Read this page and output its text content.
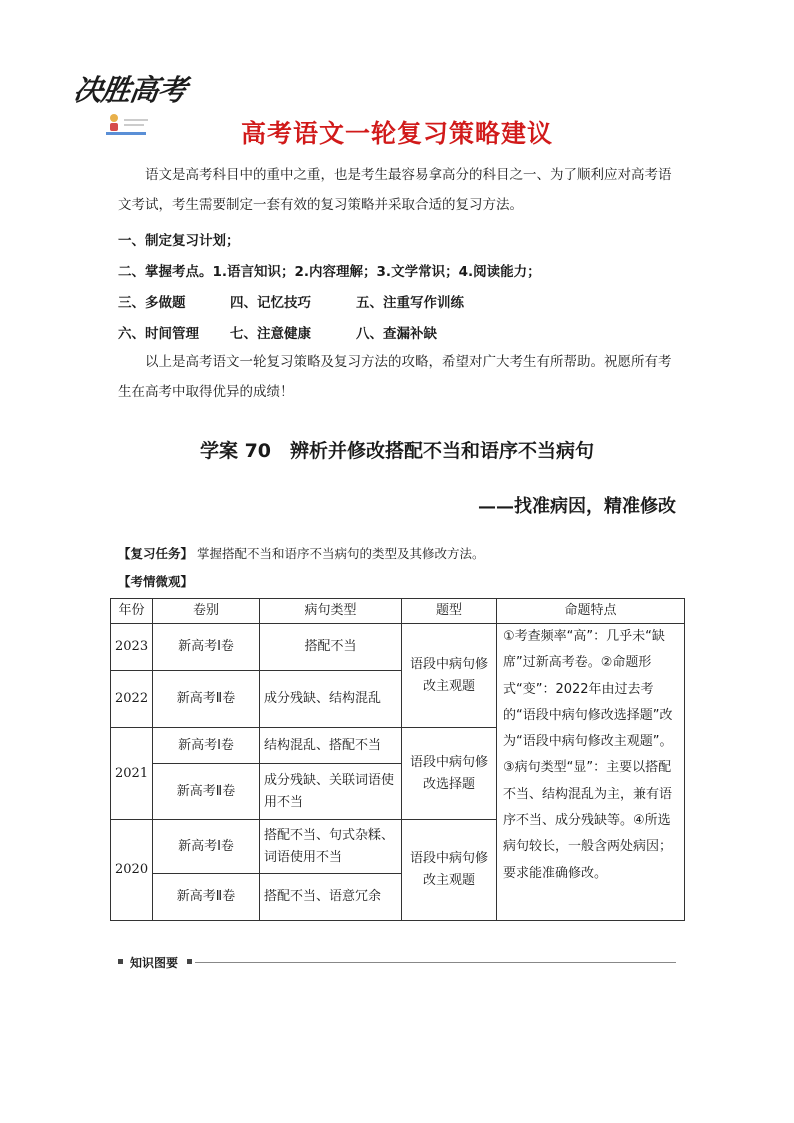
决胜高考
高考语文一轮复习策略建议
语文是高考科目中的重中之重，也是考生最容易拿高分的科目之一、为了顺利应对高考语文考试，考生需要制定一套有效的复习策略并采取合适的复习方法。
一、制定复习计划；
二、掌握考点。1.语言知识；2.内容理解；3.文学常识；4.阅读能力；
三、多做题	四、记忆技巧	五、注重写作训练
六、时间管理 七、注意健康	八、查漏补缺
以上是高考语文一轮复习策略及复习方法的攻略，希望对广大考生有所帮助。祝愿所有考生在高考中取得优异的成绩！
学案 70　辨析并修改搭配不当和语序不当病句
——找准病因，精准修改
【复习任务】 掌握搭配不当和语序不当病句的类型及其修改方法。
【考情微观】
年份	卷别	病句类型	题型	命题特点
2023	新高考Ⅰ卷	搭配不当	语段中病句修改主观题	①考查频率“高”：几乎未“缺席”过新高考卷。②命题形式“变”：2022年由过去考的“语段中病句修改选择题”改为“语段中病句修改主观题”。③病句类型“显”：主要以搭配不当、结构混乱为主，兼有语序不当、成分残缺等。④所选病句较长，一般含两处病因；要求能准确修改。
2022	新高考Ⅱ卷	成分残缺、结构混乱		
2021	新高考Ⅰ卷	结构混乱、搭配不当	语段中病句修改选择题	
	新高考Ⅱ卷	成分残缺、关联词语使用不当		
2020	新高考Ⅰ卷	搭配不当、句式杂糅、词语使用不当	语段中病句修改主观题	
	新高考Ⅱ卷	搭配不当、语意冗余		
知识图要
